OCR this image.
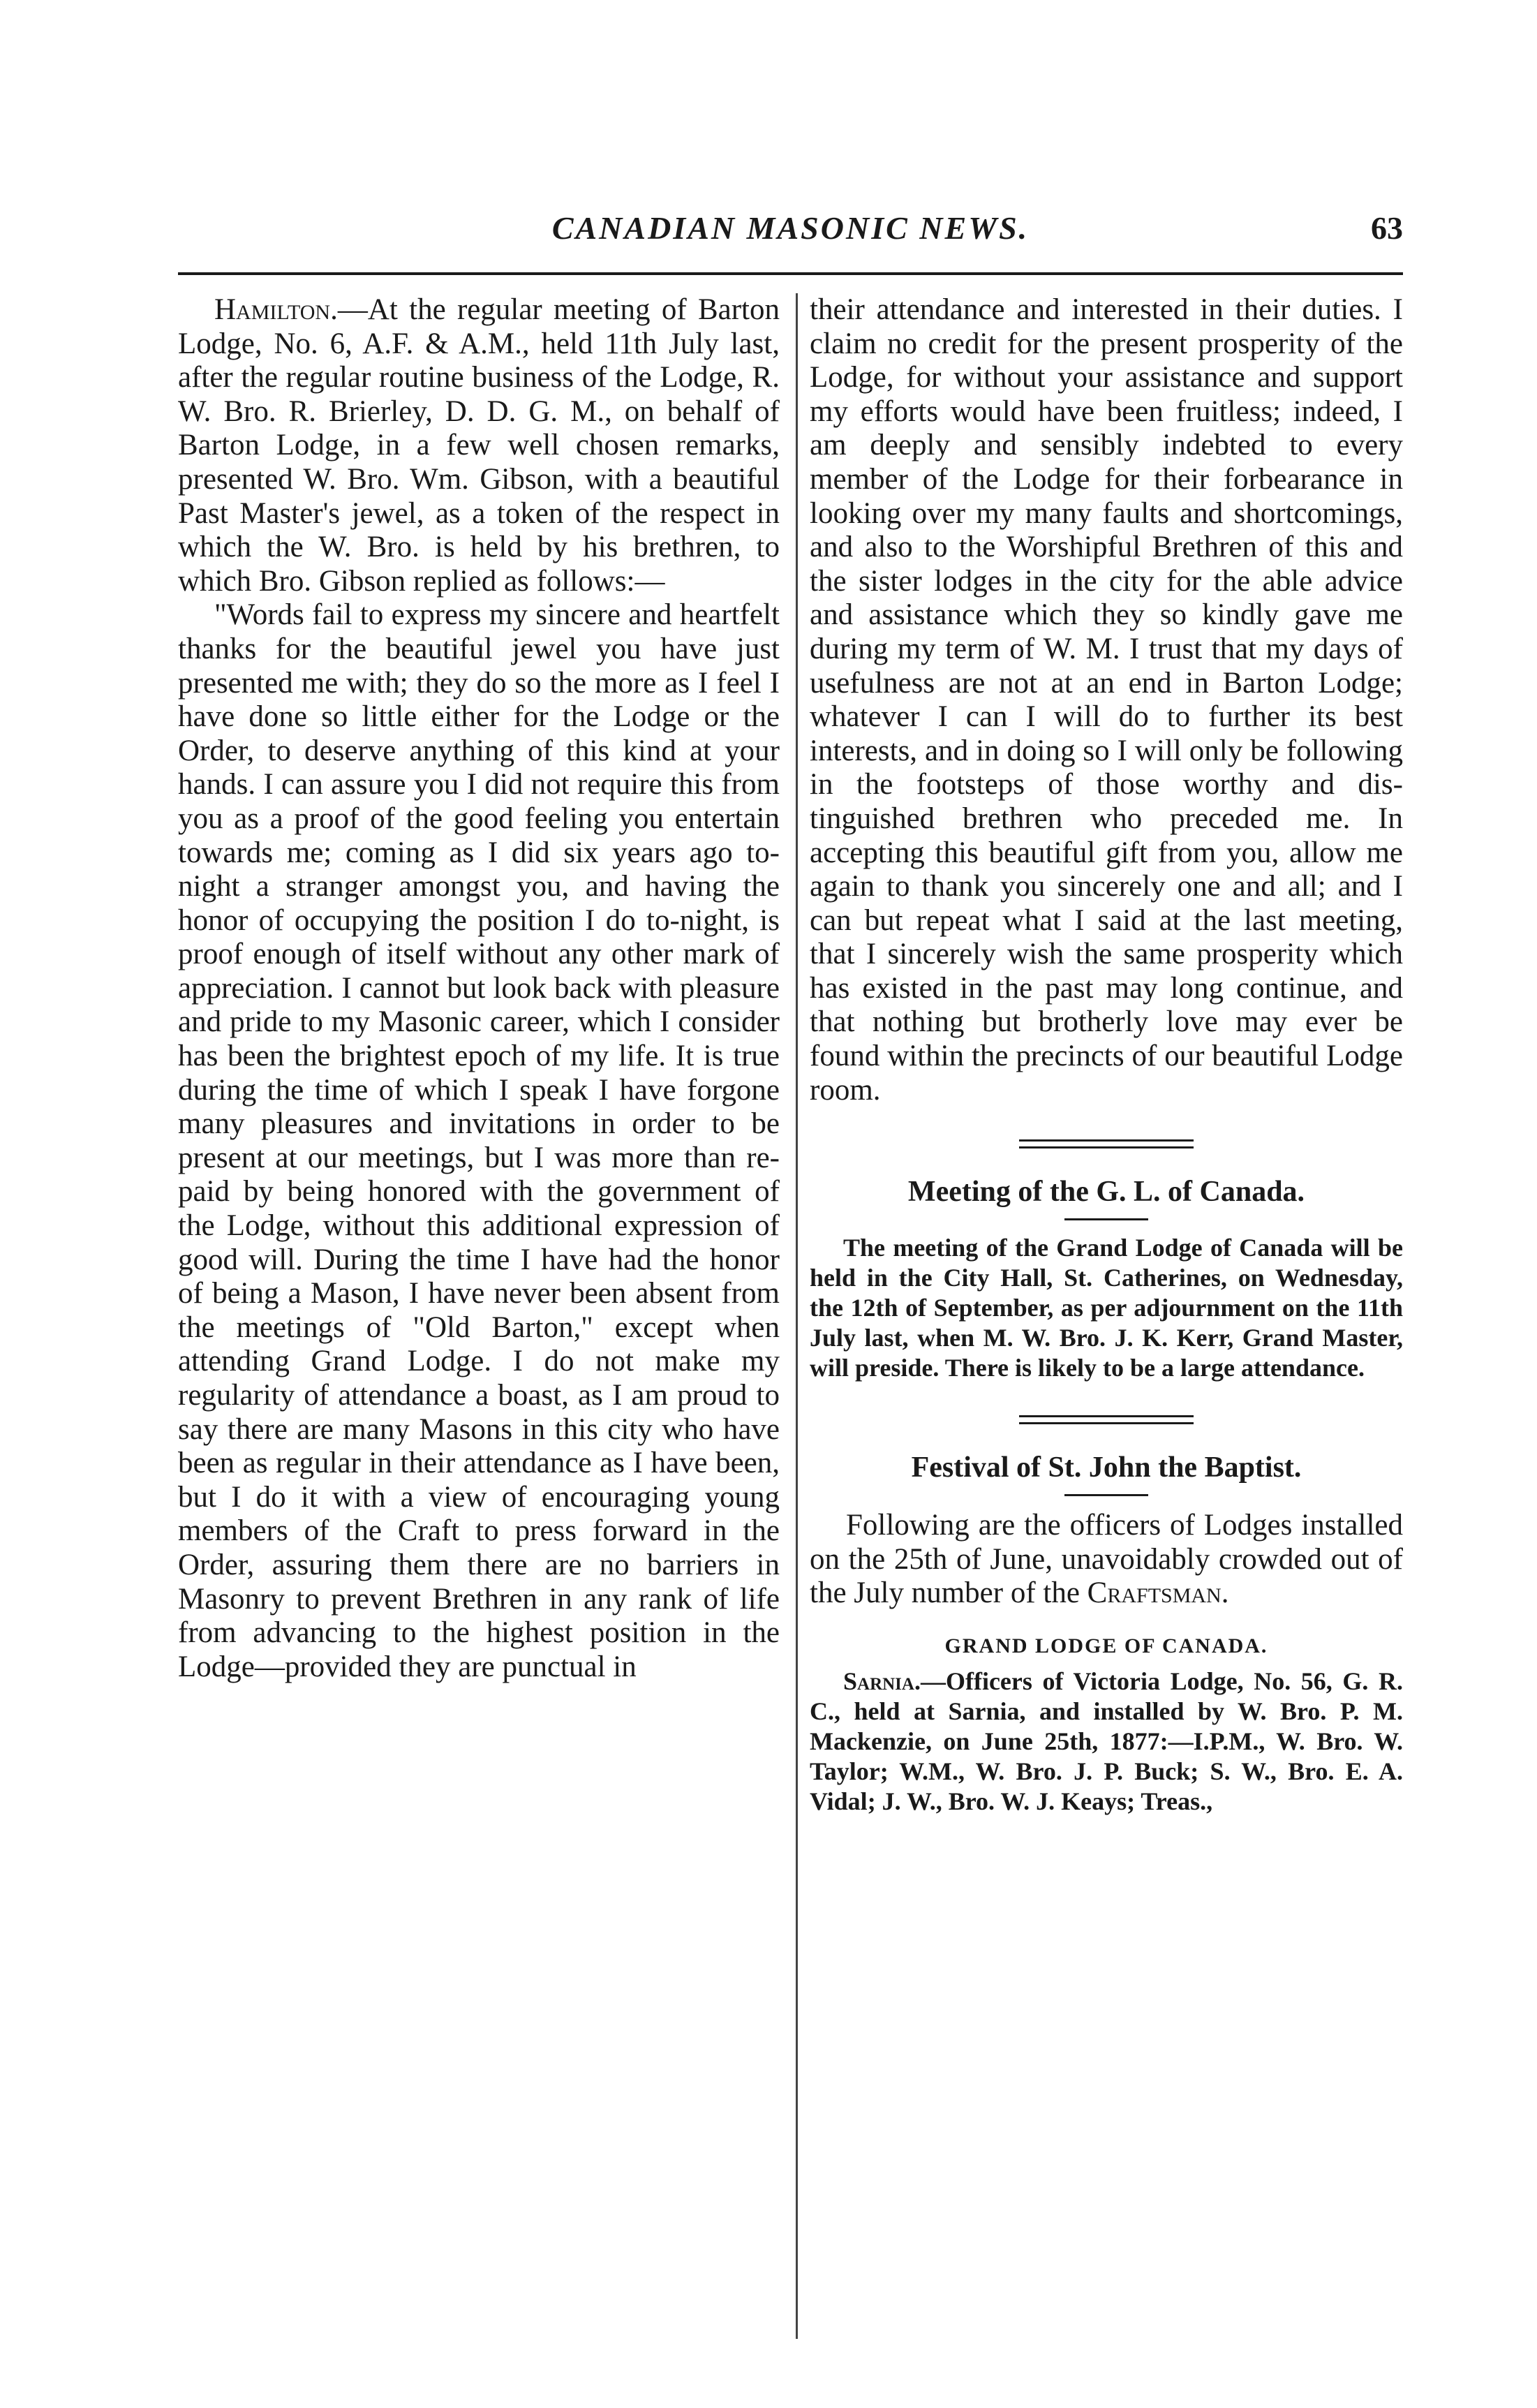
CANADIAN MASONIC NEWS.	63

Hamilton.—At the regular meeting of Barton Lodge, No. 6, A.F. & A.M., held 11th July last, after the regular routine business of the Lodge, R. W. Bro. R. Brierley, D. D. G. M., on behalf of Barton Lodge, in a few well chosen remarks, presented W. Bro. Wm. Gibson, with a beautiful Past Master's jewel, as a token of the respect in which the W. Bro. is held by his brethren, to which Bro. Gibson replied as follows:—

"Words fail to express my sincere and heartfelt thanks for the beautiful jewel you have just presented me with; they do so the more as I feel I have done so little either for the Lodge or the Order, to deserve anything of this kind at your hands. I can assure you I did not require this from you as a proof of the good feeling you entertain towards me; coming as I did six years ago to-night a stranger amongst you, and having the honor of occupying the position I do to-night, is proof enough of itself without any other mark of appreciation. I cannot but look back with pleasure and pride to my Masonic career, which I consider has been the brightest epoch of my life. It is true during the time of which I speak I have forgone many pleasures and invitations in order to be present at our meetings, but I was more than re-paid by being honored with the government of the Lodge, without this additional expression of good will. During the time I have had the honor of being a Mason, I have never been absent from the meetings of "Old Barton," except when attending Grand Lodge. I do not make my regularity of attendance a boast, as I am proud to say there are many Masons in this city who have been as regular in their attendance as I have been, but I do it with a view of encouraging young members of the Craft to press forward in the Order, assuring them there are no barriers in Masonry to prevent Brethren in any rank of life from advancing to the highest position in the Lodge—provided they are punctual in

their attendance and interested in their duties. I claim no credit for the present prosperity of the Lodge, for without your assistance and support my efforts would have been fruitless; indeed, I am deeply and sensibly indebted to every member of the Lodge for their forbearance in looking over my many faults and shortcomings, and also to the Worshipful Brethren of this and the sister lodges in the city for the able advice and assistance which they so kindly gave me during my term of W. M. I trust that my days of usefulness are not at an end in Barton Lodge; whatever I can I will do to further its best interests, and in doing so I will only be following in the footsteps of those worthy and distinguished brethren who preceded me. In accepting this beautiful gift from you, allow me again to thank you sincerely one and all; and I can but repeat what I said at the last meeting, that I sincerely wish the same prosperity which has existed in the past may long continue, and that nothing but brotherly love may ever be found within the precincts of our beautiful Lodge room.

Meeting of the G. L. of Canada.

The meeting of the Grand Lodge of Canada will be held in the City Hall, St. Catherines, on Wednesday, the 12th of September, as per adjournment on the 11th July last, when M. W. Bro. J. K. Kerr, Grand Master, will preside. There is likely to be a large attendance.

Festival of St. John the Baptist.

Following are the officers of Lodges installed on the 25th of June, unavoidably crowded out of the July number of the Craftsman.

GRAND LODGE OF CANADA.

Sarnia.—Officers of Victoria Lodge, No. 56, G. R. C., held at Sarnia, and installed by W. Bro. P. M. Mackenzie, on June 25th, 1877:—I.P.M., W. Bro. W. Taylor; W.M., W. Bro. J. P. Buck; S. W., Bro. E. A. Vidal; J. W., Bro. W. J. Keays; Treas.,
